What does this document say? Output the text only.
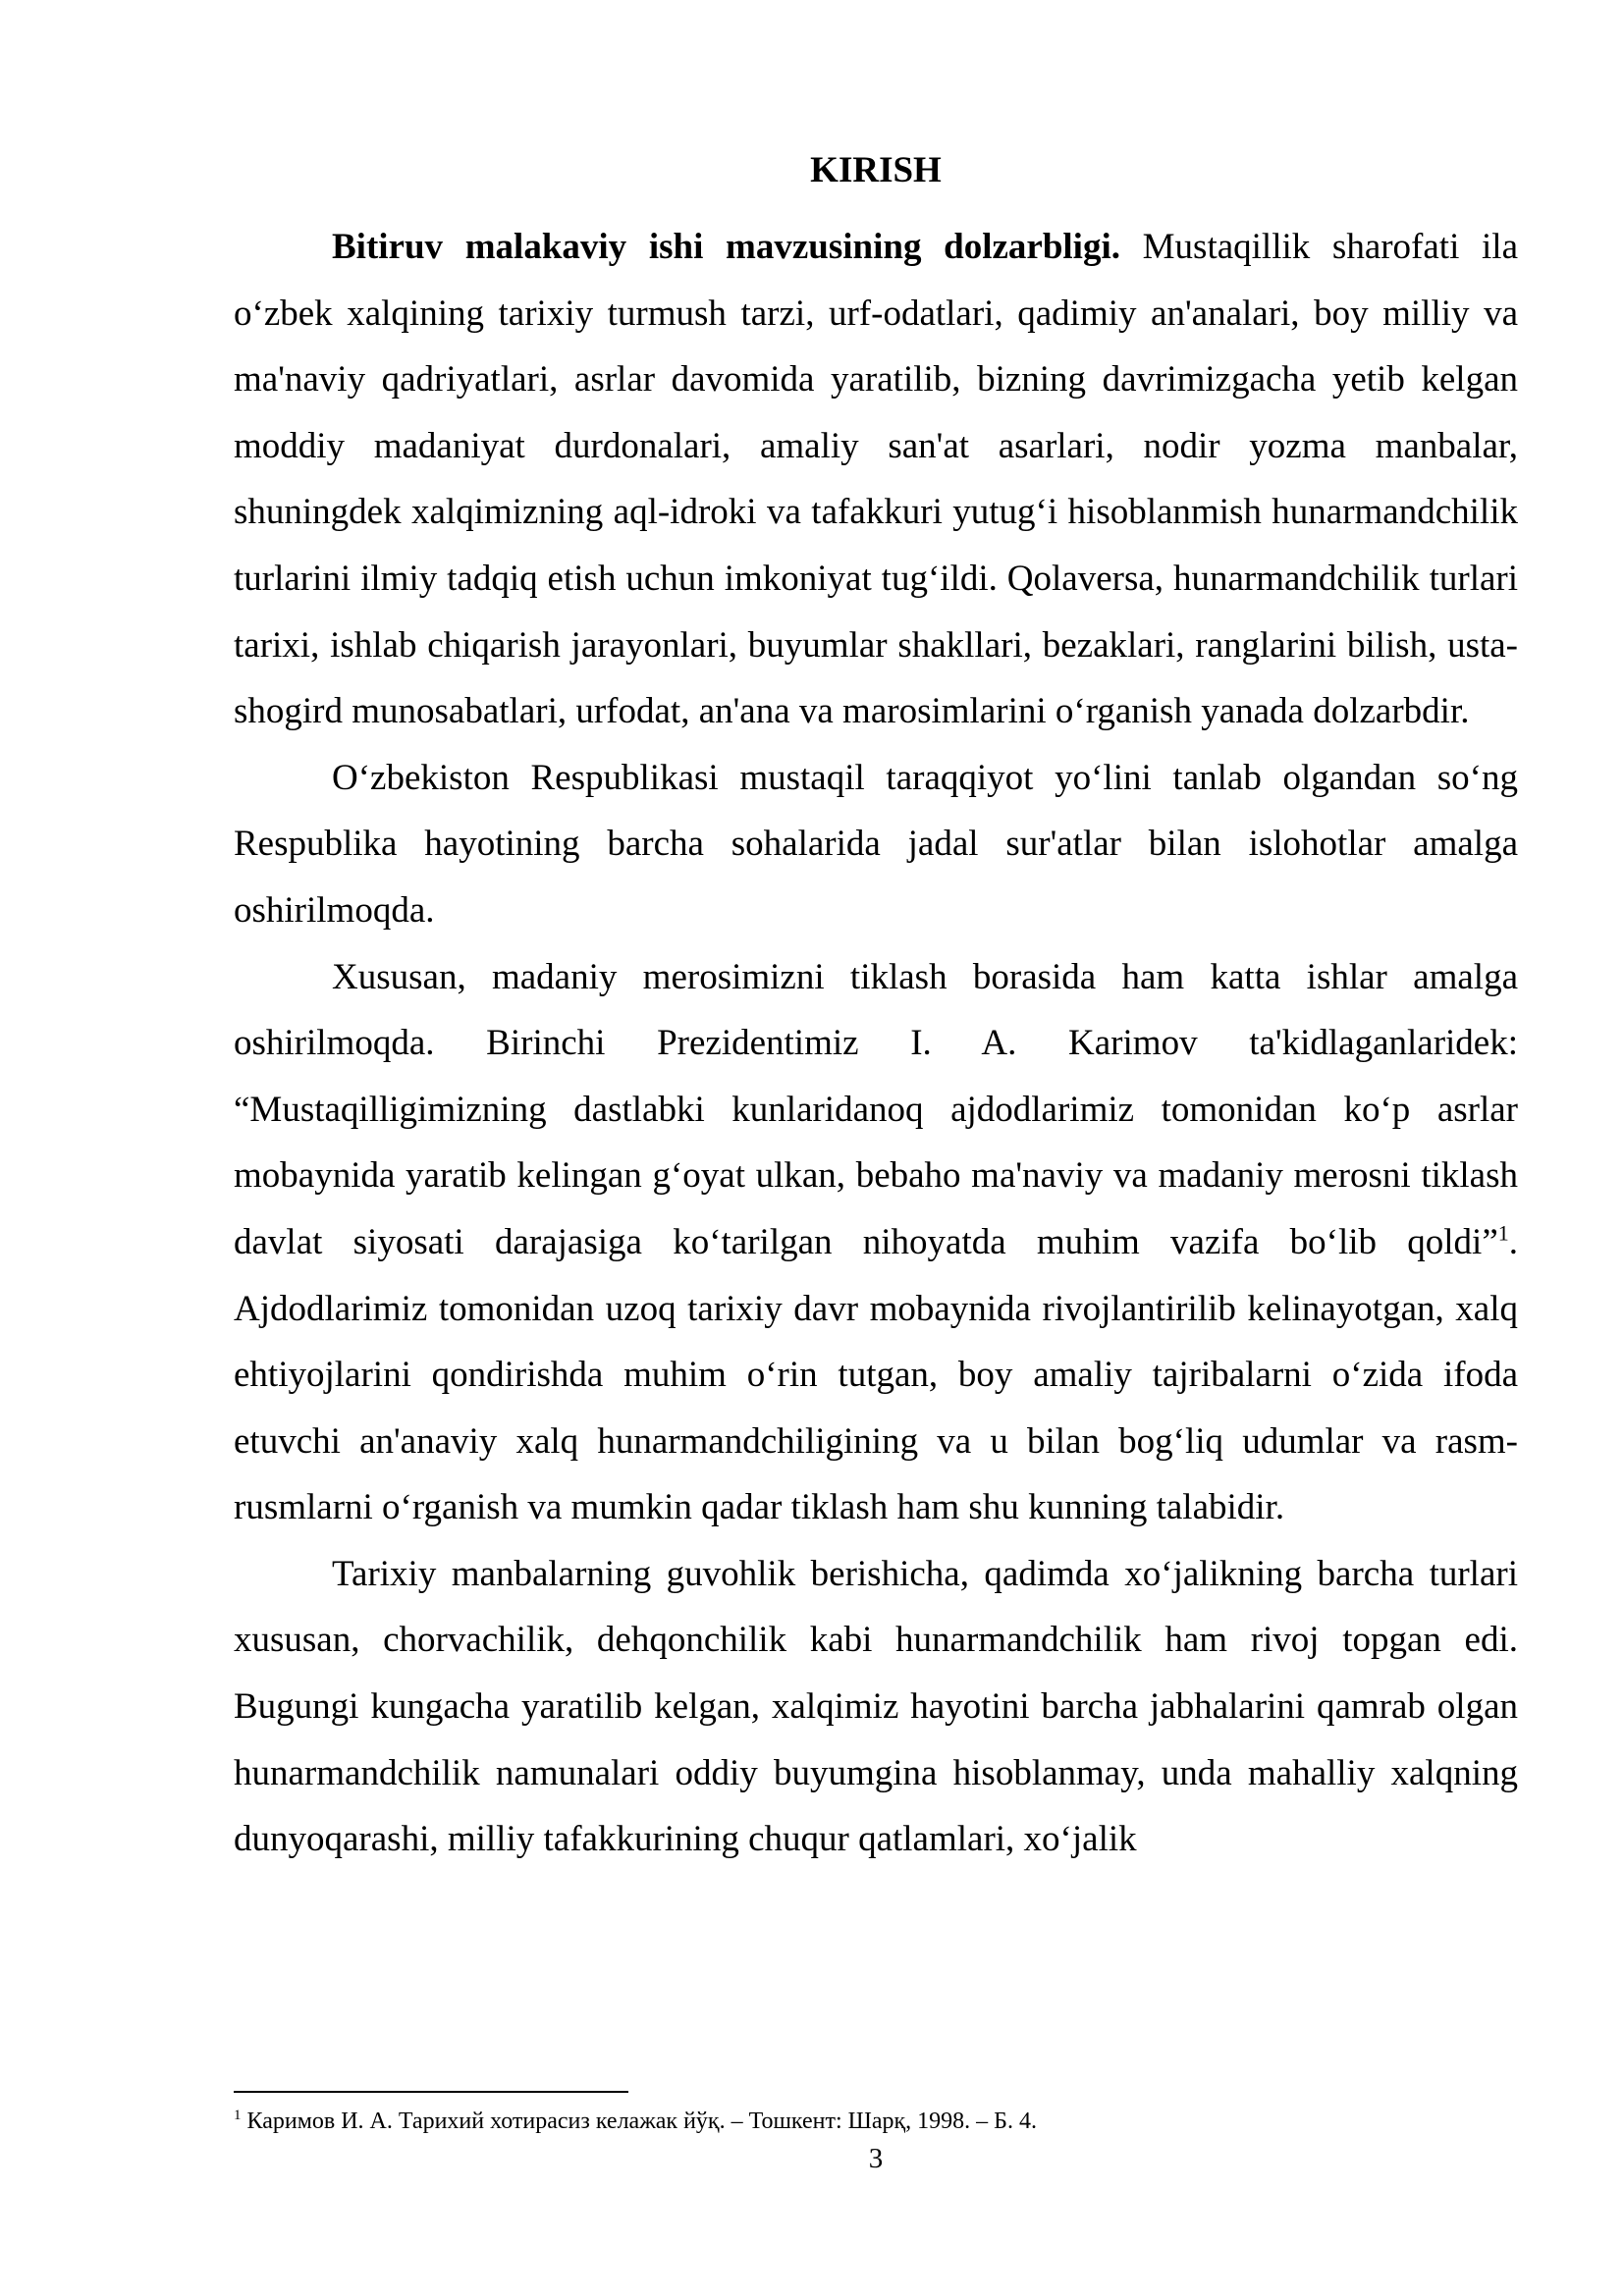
KIRISH

Bitiruv malakaviy ishi mavzusining dolzarbligi. Mustaqillik sharofati ila oʻzbek xalqining tarixiy turmush tarzi, urf-odatlari, qadimiy an'analari, boy milliy va ma'naviy qadriyatlari, asrlar davomida yaratilib, bizning davrimizgacha yetib kelgan moddiy madaniyat durdonalari, amaliy san'at asarlari, nodir yozma manbalar, shuningdek xalqimizning aql-idroki va tafakkuri yutugʻi hisoblanmish hunarmandchilik turlarini ilmiy tadqiq etish uchun imkoniyat tugʻildi. Qolaversa, hunarmandchilik turlari tarixi, ishlab chiqarish jarayonlari, buyumlar shakllari, bezaklari, ranglarini bilish, usta-shogird munosabatlari, urfodat, an'ana va marosimlarini oʻrganish yanada dolzarbdir.

Oʻzbekiston Respublikasi mustaqil taraqqiyot yoʻlini tanlab olgandan soʻng Respublika hayotining barcha sohalarida jadal sur'atlar bilan islohotlar amalga oshirilmoqda.

Xususan, madaniy merosimizni tiklash borasida ham katta ishlar amalga oshirilmoqda. Birinchi Prezidentimiz I. A. Karimov ta'kidlaganlaridek: “Mustaqilligimizning dastlabki kunlaridanoq ajdodlarimiz tomonidan koʻp asrlar mobaynida yaratib kelingan gʻoyat ulkan, bebaho ma'naviy va madaniy merosni tiklash davlat siyosati darajasiga koʻtarilgan nihoyatda muhim vazifa boʻlib qoldi”$^1$. Ajdodlarimiz tomonidan uzoq tarixiy davr mobaynida rivojlantirilib kelinayotgan, xalq ehtiyojlarini qondirishda muhim oʻrin tutgan, boy amaliy tajribalarni oʻzida ifoda etuvchi an'anaviy xalq hunarmandchiligining va u bilan bogʻliq udumlar va rasm-rusmlarni oʻrganish va mumkin qadar tiklash ham shu kunning talabidir.

Tarixiy manbalarning guvohlik berishicha, qadimda xoʻjalikning barcha turlari xususan, chorvachilik, dehqonchilik kabi hunarmandchilik ham rivoj topgan edi. Bugungi kungacha yaratilib kelgan, xalqimiz hayotini barcha jabhalarini qamrab olgan hunarmandchilik namunalari oddiy buyumgina hisoblanmay, unda mahalliy xalqning dunyoqarashi, milliy tafakkurining chuqur qatlamlari, xoʻjalik

$^1$ Каримов И. А. Тарихий хотирасиз келажак йўқ. – Тошкент: Шарқ, 1998. – Б. 4.

3
